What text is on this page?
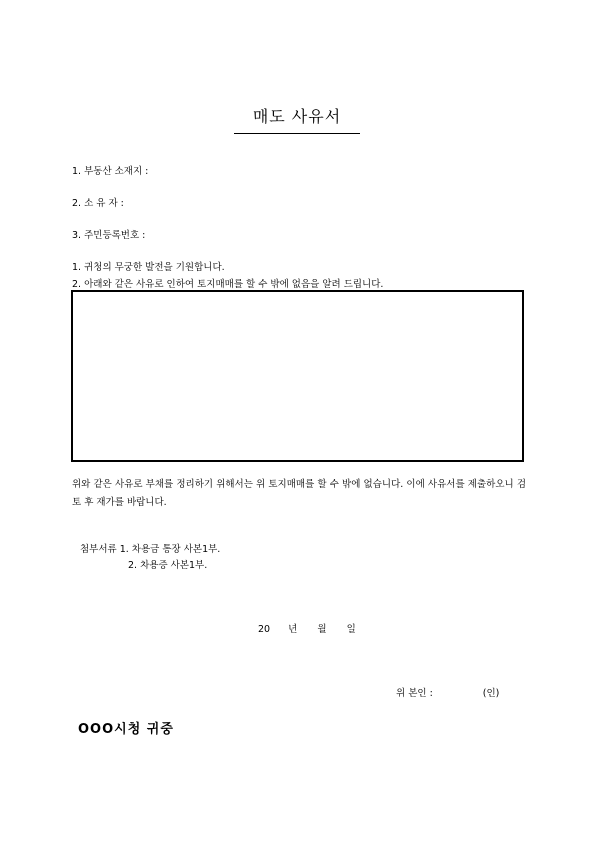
매도 사유서
1. 부동산 소재지 :
2. 소 유 자 :
3. 주민등록번호 :
1. 귀청의 무궁한 발전을 기원합니다.
2. 아래와 같은 사유로 인하여 토지매매를 할 수 밖에 없음을 알려 드립니다.
위와 같은 사유로 부채를 정리하기 위해서는 위 토지매매를 할 수 밖에 없습니다. 이에 사유서를 제출하오니 검토 후 재가를 바랍니다.
첨부서류 1. 차용금 통장 사본1부.
2. 차용증 사본1부.
20 년 월 일
위 본인 :	(인)
OOO시청 귀중
